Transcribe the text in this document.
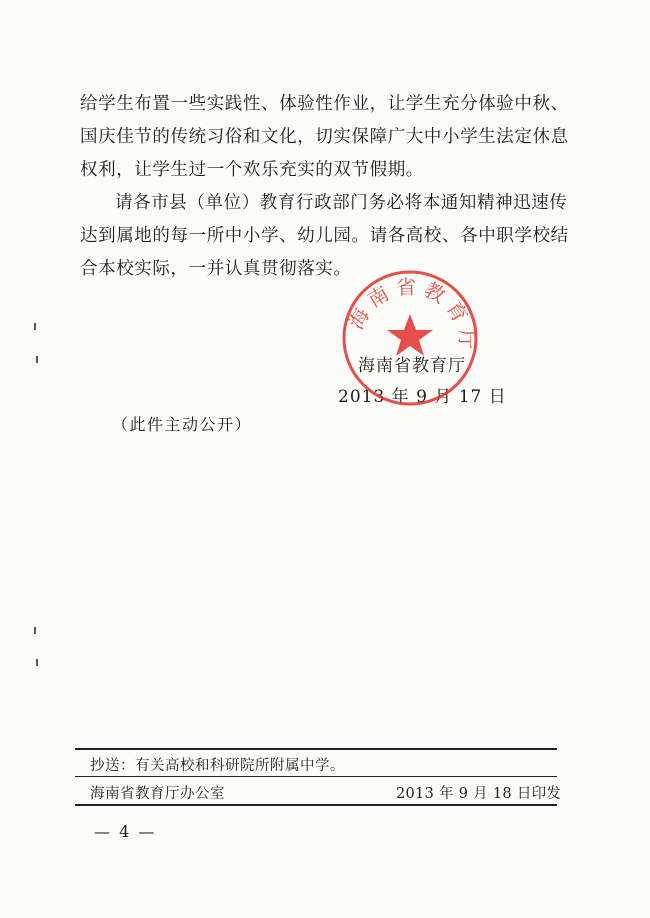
给学生布置一些实践性、体验性作业，让学生充分体验中秋、国庆佳节的传统习俗和文化，切实保障广大中小学生法定休息权利，让学生过一个欢乐充实的双节假期。

请各市县（单位）教育行政部门务必将本通知精神迅速传达到属地的每一所中小学、幼儿园。请各高校、各中职学校结合本校实际，一并认真贯彻落实。

海南省教育厅
2013 年 9 月 17 日
海南省教育厅
（此件主动公开）
抄送：有关高校和科研院所附属中学。
海南省教育厅办公室	2013 年 9 月 18 日印发
— 4 —
